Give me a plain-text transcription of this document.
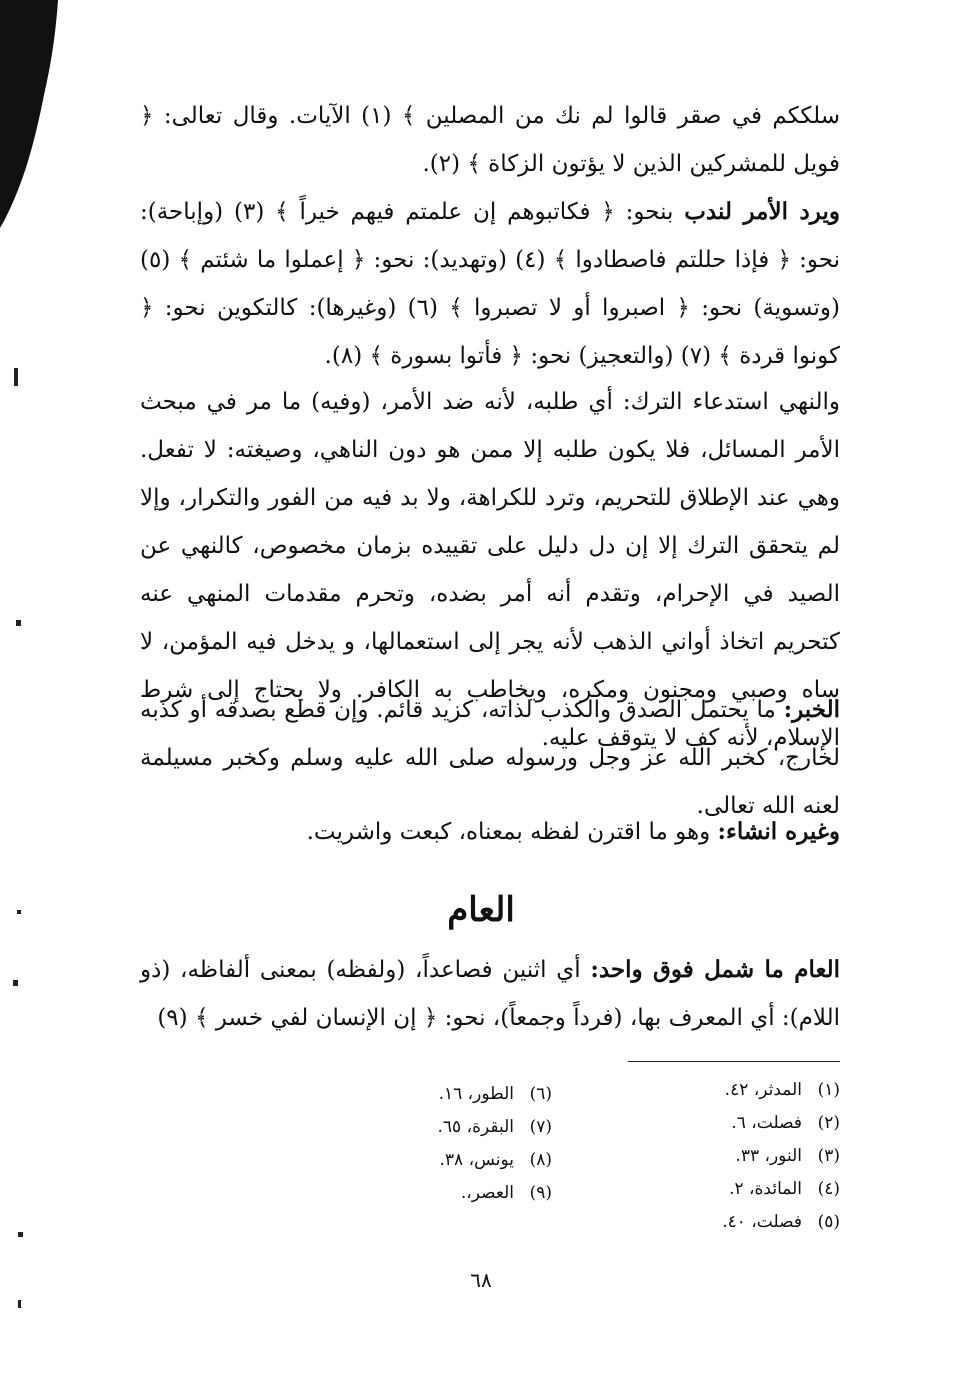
سلككم في صقر قالوا لم نك من المصلين ﴾ (١) الآيات. وقال تعالى: ﴿ فويل للمشركين الذين لا يؤتون الزكاة ﴾ (٢).

ويرد الأمر لندب بنحو: ﴿ فكاتبوهم إن علمتم فيهم خيراً ﴾ (٣) (وإباحة): نحو: ﴿ فإذا حللتم فاصطادوا ﴾ (٤) (وتهديد): نحو: ﴿ إعملوا ما شئتم ﴾ (٥) (وتسوية) نحو: ﴿ اصبروا أو لا تصبروا ﴾ (٦) (وغيرها): كالتكوين نحو: ﴿ كونوا قردة ﴾ (٧) (والتعجيز) نحو: ﴿ فأتوا بسورة ﴾ (٨).

والنهي استدعاء الترك: أي طلبه، لأنه ضد الأمر، (وفيه) ما مر في مبحث الأمر المسائل، فلا يكون طلبه إلا ممن هو دون الناهي، وصيغته: لا تفعل. وهي عند الإطلاق للتحريم، وترد للكراهة، ولا بد فيه من الفور والتكرار، وإلا لم يتحقق الترك إلا إن دل دليل على تقييده بزمان مخصوص، كالنهي عن الصيد في الإحرام، وتقدم أنه أمر بضده، وتحرم مقدمات المنهي عنه كتحريم اتخاذ أواني الذهب لأنه يجر إلى استعمالها، و يدخل فيه المؤمن، لا ساه وصبي ومجنون ومكره، ويخاطب به الكافر. ولا يحتاج إلى شرط الإسلام، لأنه كف لا يتوقف عليه.

الخبر: ما يحتمل الصدق والكذب لذاته، كزيد قائم. وإن قطع بصدقه أو كذبه لخارج، كخبر الله عز وجل ورسوله صلى الله عليه وسلم وكخبر مسيلمة لعنه الله تعالى.

وغيره انشاء: وهو ما اقترن لفظه بمعناه، كبعت واشريت.

العام

العام ما شمل فوق واحد: أي اثنين فصاعداً، (ولفظه) بمعنى ألفاظه، (ذو اللام): أي المعرف بها، (فرداً وجمعاً)، نحو: ﴿ إن الإنسان لفي خسر ﴾ (٩)

(١)المدثر، ٤٢.
(٢)فصلت، ٦.
(٣)النور، ٣٣.
(٤)المائدة، ٢.
(٥)فصلت، ٤٠.
(٦)الطور، ١٦.
(٧)البقرة، ٦٥.
(٨)يونس، ٣٨.
(٩)العصر،.

٦٨
